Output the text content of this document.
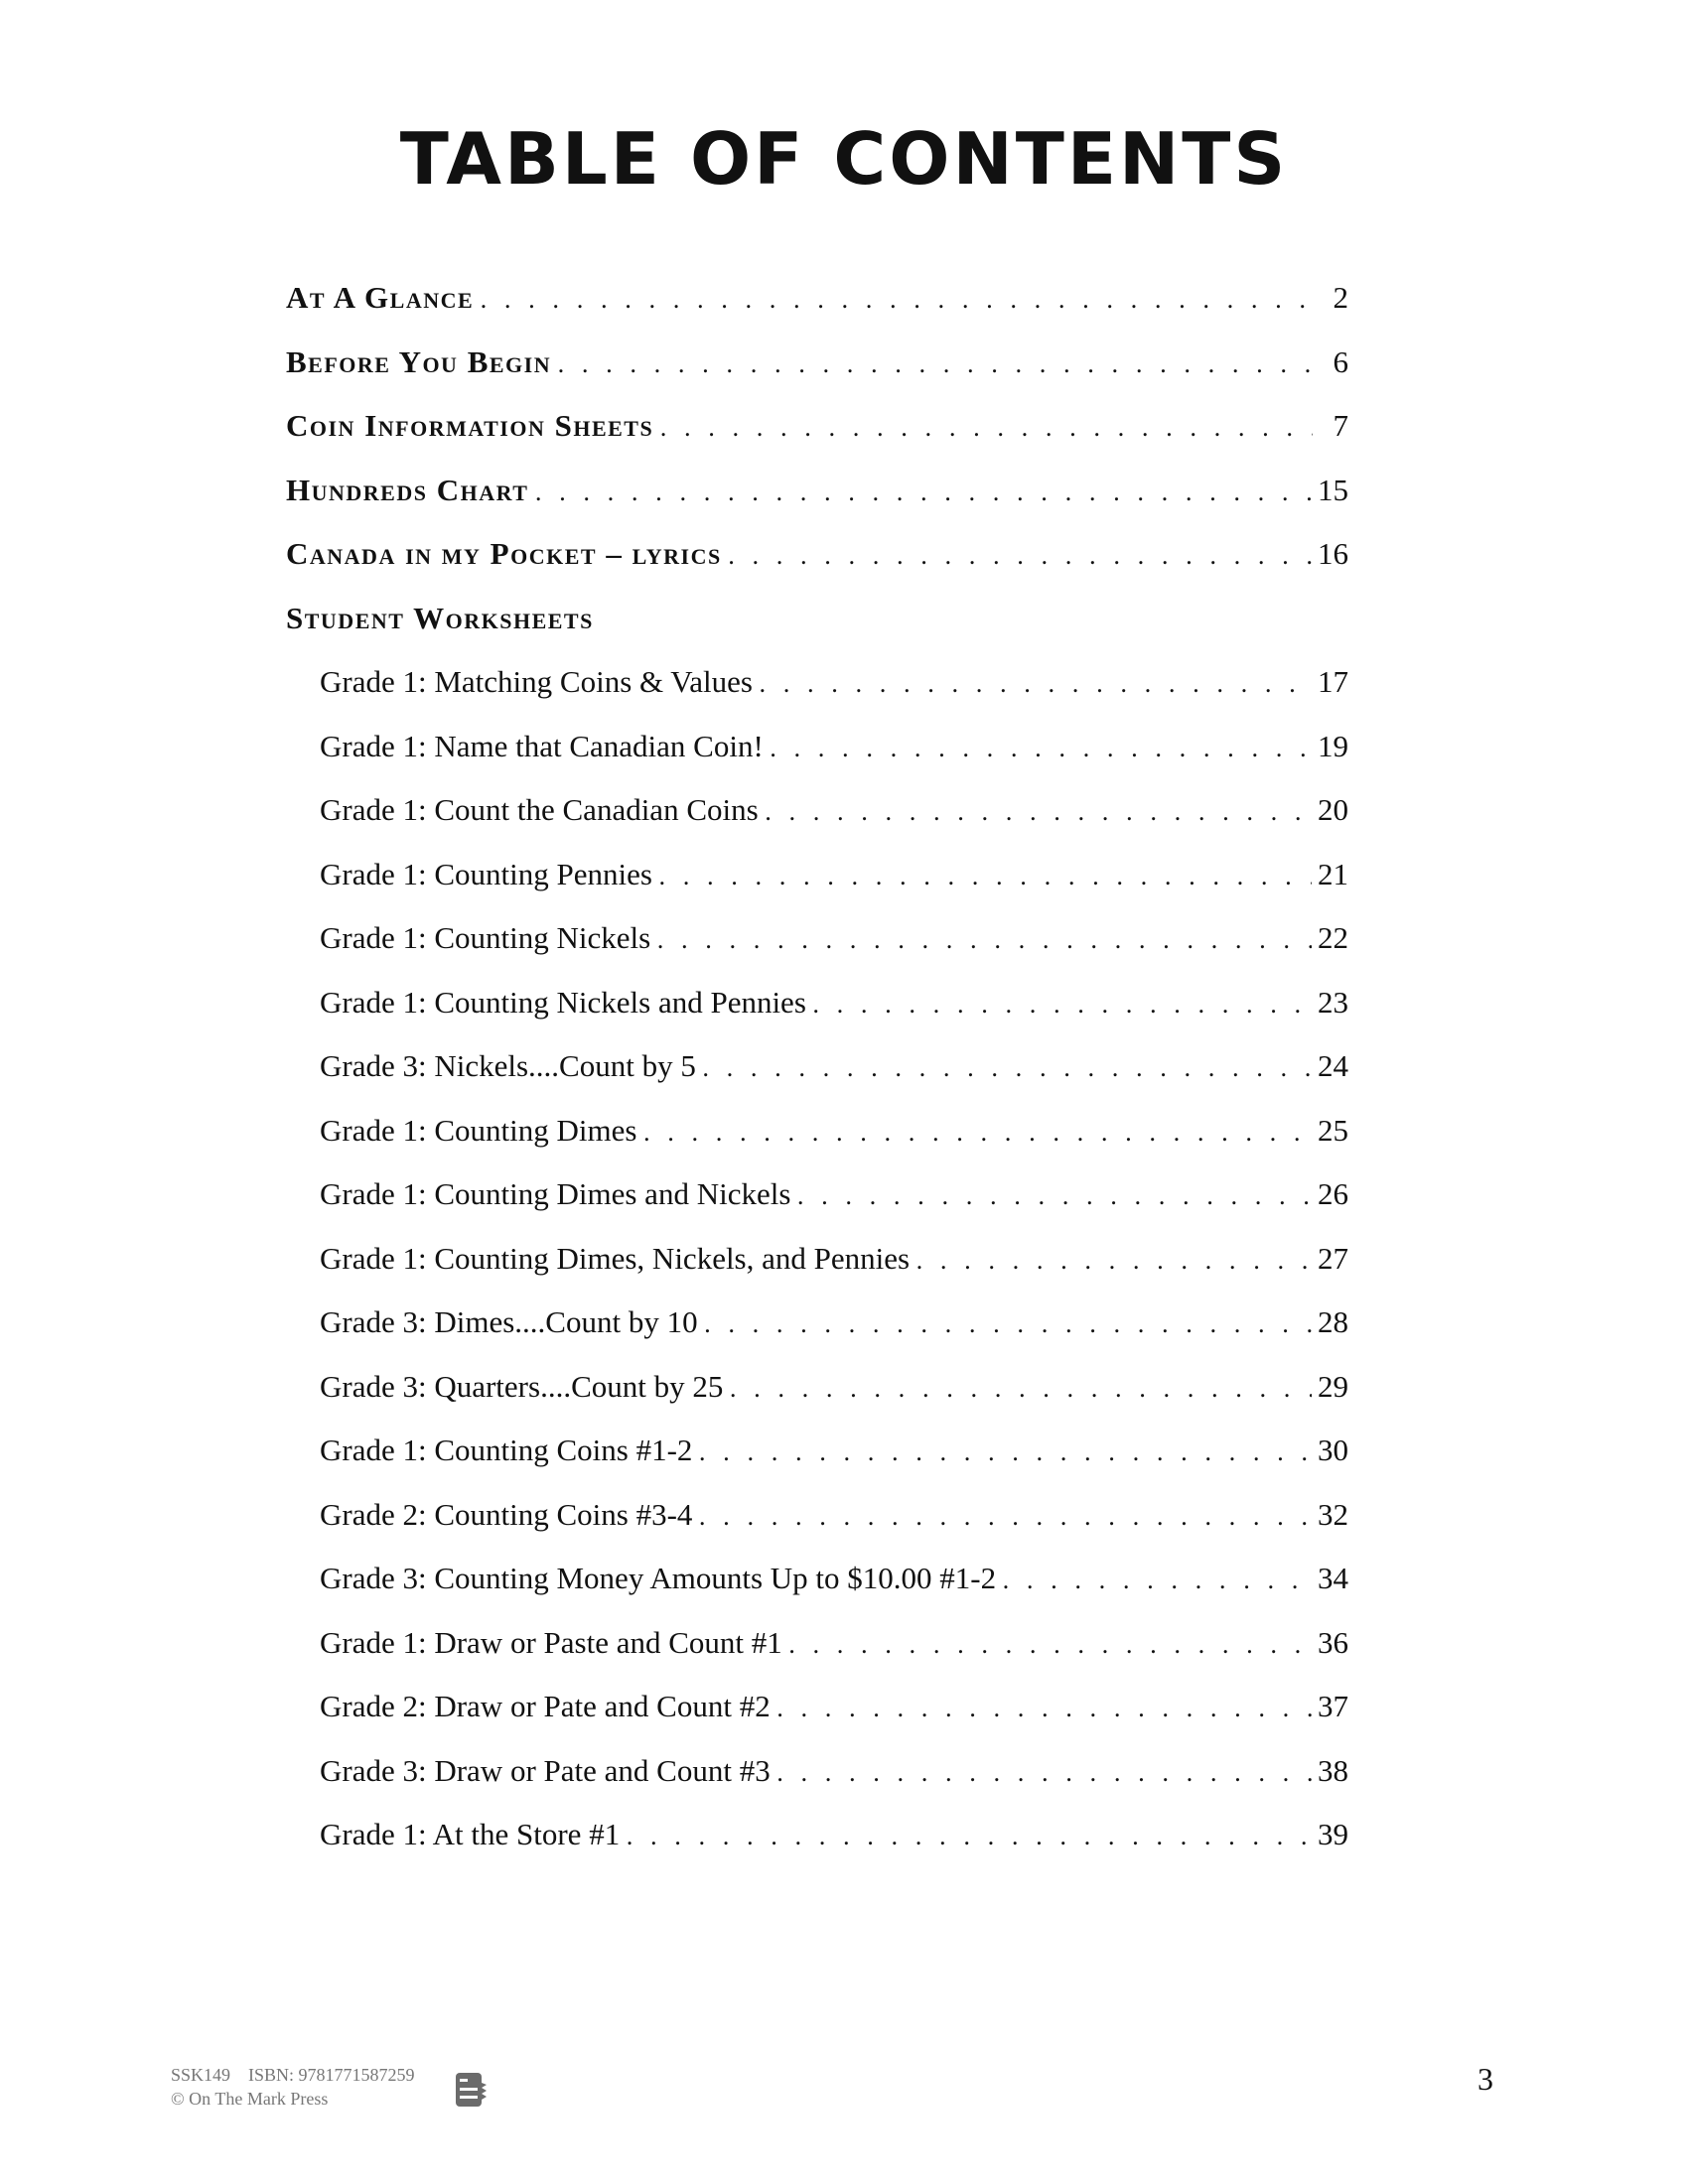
TABLE OF CONTENTS
At A Glance . . .	2
Before You Begin . . .	6
Coin Information Sheets . . .	7
Hundreds Chart . . .	15
Canada in my Pocket – lyrics . . .	16
Student Worksheets
Grade 1: Matching Coins & Values . . .	17
Grade 1: Name that Canadian Coin! . . .	19
Grade 1: Count the Canadian Coins . . .	20
Grade 1: Counting Pennies . . .	21
Grade 1: Counting Nickels . . .	22
Grade 1: Counting Nickels and Pennies . . .	23
Grade 3: Nickels....Count by 5 . . .	24
Grade 1: Counting Dimes . . .	25
Grade 1: Counting Dimes and Nickels . . .	26
Grade 1: Counting Dimes, Nickels, and Pennies . . .	27
Grade 3: Dimes....Count by 10 . . .	28
Grade 3: Quarters....Count by 25 . . .	29
Grade 1: Counting Coins #1-2 . . .	30
Grade 2: Counting Coins #3-4 . . .	32
Grade 3: Counting Money Amounts Up to $10.00 #1-2 . . .	34
Grade 1: Draw or Paste and Count #1 . . .	36
Grade 2: Draw or Pate and Count #2 . . .	37
Grade 3: Draw or Pate and Count #3 . . .	38
Grade 1: At the Store #1 . . .	39
SSK149 ISBN: 9781771587259
© On The Mark Press
3
